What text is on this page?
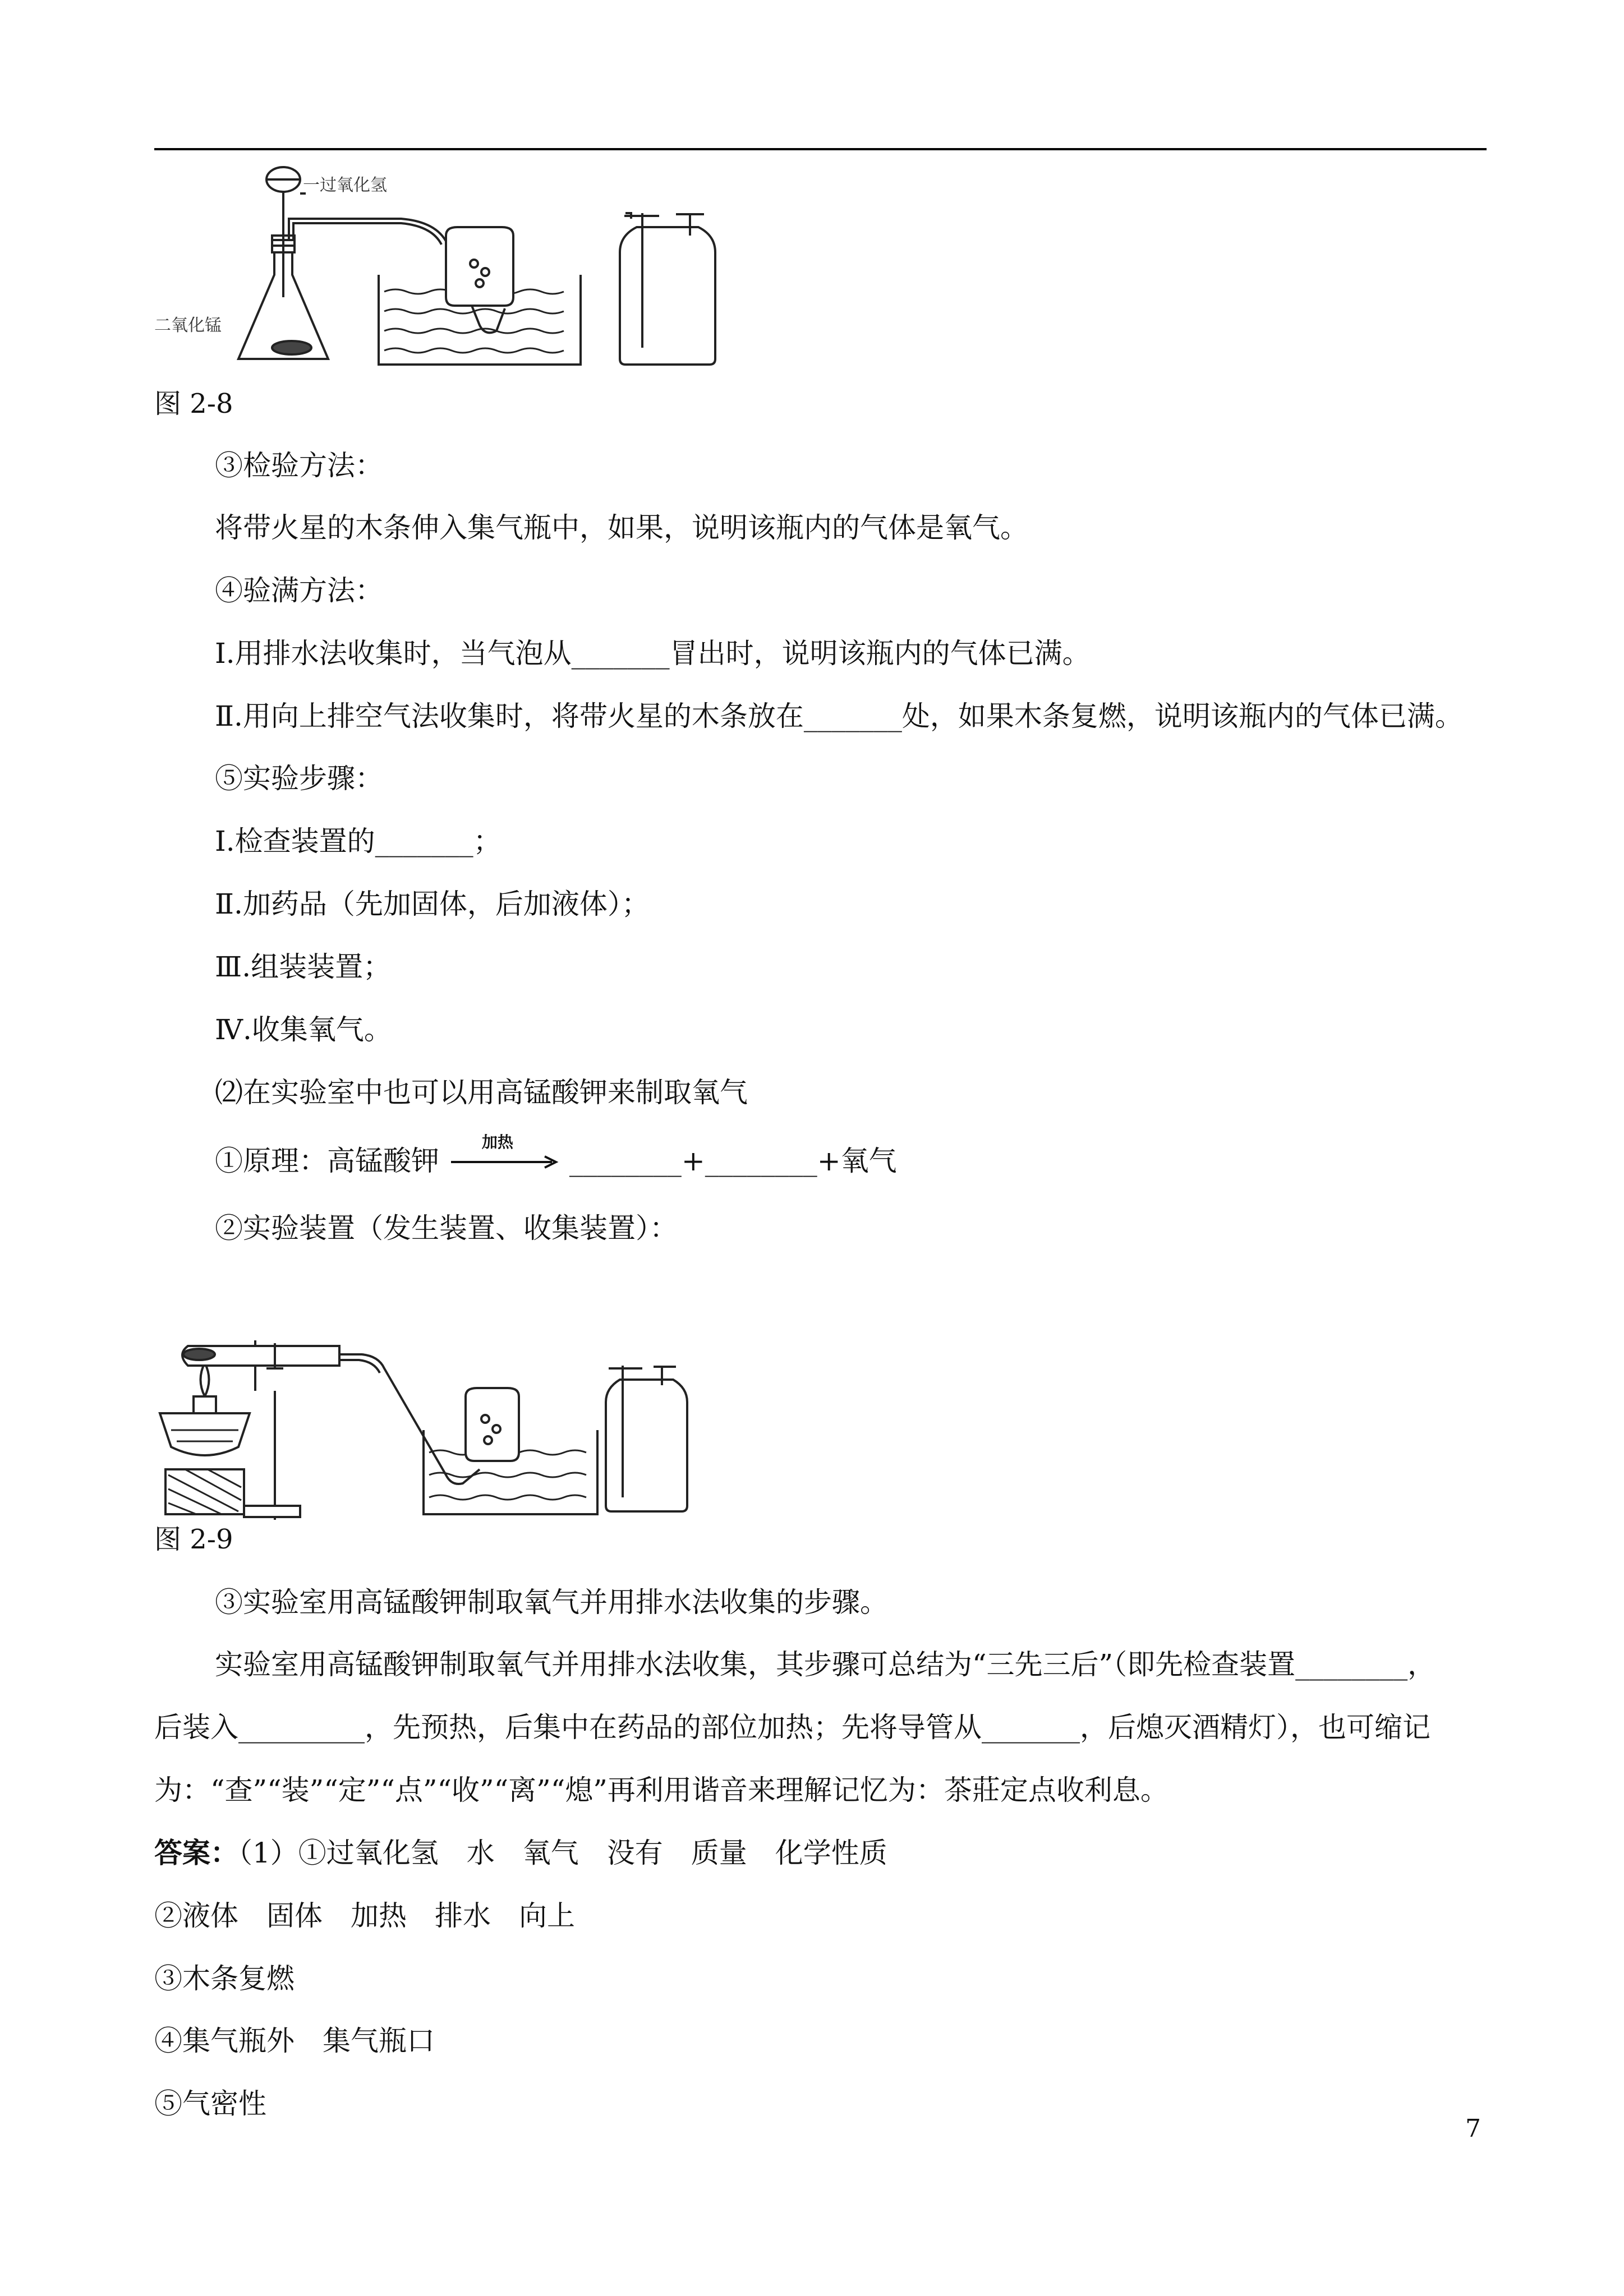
一过氧化氢
二氧化锰
图 2-8
③检验方法：
将带火星的木条伸入集气瓶中，如果，说明该瓶内的气体是氧气。
④验满方法：
Ⅰ.用排水法收集时，当气泡从_______冒出时，说明该瓶内的气体已满。
Ⅱ.用向上排空气法收集时，将带火星的木条放在_______处，如果木条复燃，说明该瓶内的气体已满。
⑤实验步骤：
Ⅰ.检查装置的_______；
Ⅱ.加药品（先加固体，后加液体）；
Ⅲ.组装装置；
Ⅳ.收集氧气。
⑵在实验室中也可以用高锰酸钾来制取氧气
①原理：高锰酸钾
加热
________+________+氧气
②实验装置（发生装置、收集装置）：
图 2-9
③实验室用高锰酸钾制取氧气并用排水法收集的步骤。
实验室用高锰酸钾制取氧气并用排水法收集，其步骤可总结为“三先三后”（即先检查装置________，
后装入_________，先预热，后集中在药品的部位加热；先将导管从_______，后熄灭酒精灯），也可缩记
为：“查”“装”“定”“点”“收”“离”“熄”再利用谐音来理解记忆为：茶莊定点收利息。
答案：（1）①过氧化氢　水　氧气　没有　质量　化学性质
②液体　固体　加热　排水　向上
③木条复燃
④集气瓶外　集气瓶口
⑤气密性
7
